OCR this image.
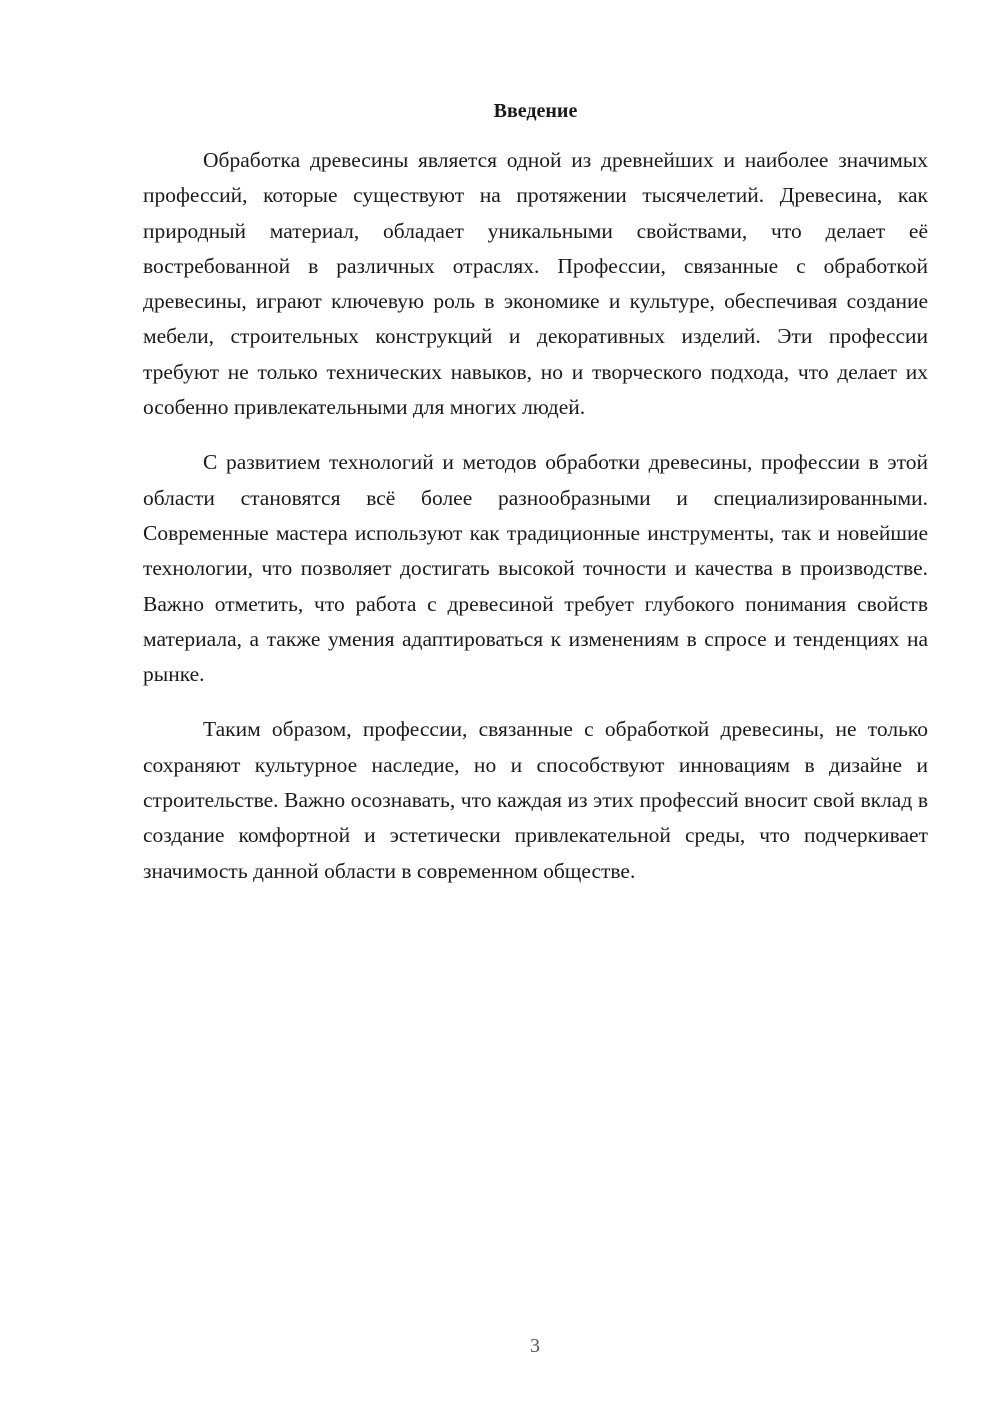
Введение

Обработка древесины является одной из древнейших и наиболее значимых профессий, которые существуют на протяжении тысячелетий. Древесина, как природный материал, обладает уникальными свойствами, что делает её востребованной в различных отраслях. Профессии, связанные с обработкой древесины, играют ключевую роль в экономике и культуре, обеспечивая создание мебели, строительных конструкций и декоративных изделий. Эти профессии требуют не только технических навыков, но и творческого подхода, что делает их особенно привлекательными для многих людей.

С развитием технологий и методов обработки древесины, профессии в этой области становятся всё более разнообразными и специализированными. Современные мастера используют как традиционные инструменты, так и новейшие технологии, что позволяет достигать высокой точности и качества в производстве. Важно отметить, что работа с древесиной требует глубокого понимания свойств материала, а также умения адаптироваться к изменениям в спросе и тенденциях на рынке.

Таким образом, профессии, связанные с обработкой древесины, не только сохраняют культурное наследие, но и способствуют инновациям в дизайне и строительстве. Важно осознавать, что каждая из этих профессий вносит свой вклад в создание комфортной и эстетически привлекательной среды, что подчеркивает значимость данной области в современном обществе.

3
